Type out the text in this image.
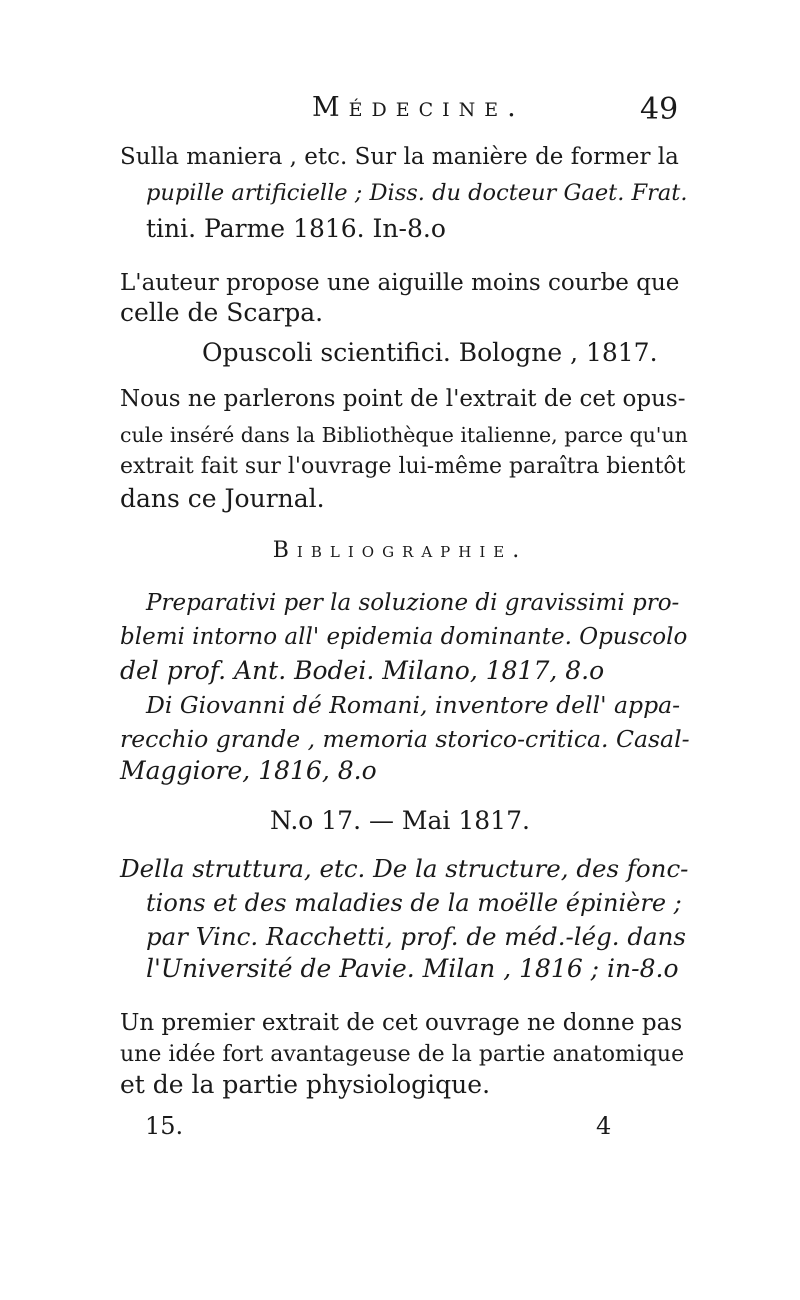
Médecine.	49
Sulla maniera , etc. Sur la manière de former la
pupille artificielle ; Diss. du docteur Gaet. Frat.
tini. Parme 1816. In-8.o
L'auteur propose une aiguille moins courbe que
celle de Scarpa.
Opuscoli scientifici. Bologne , 1817.
Nous ne parlerons point de l'extrait de cet opus-
cule inséré dans la Bibliothèque italienne, parce qu'un
extrait fait sur l'ouvrage lui-même paraîtra bientôt
dans ce Journal.
Bibliographie.
Preparativi per la soluzione di gravissimi pro-
blemi intorno all' epidemia dominante. Opuscolo
del prof. Ant. Bodei. Milano, 1817, 8.o
Di Giovanni dé Romani, inventore dell' appa-
recchio grande , memoria storico-critica. Casal-
Maggiore, 1816, 8.o
N.o 17. — Mai 1817.
Della struttura, etc. De la structure, des fonc-
tions et des maladies de la moëlle épinière ;
par Vinc. Racchetti, prof. de méd.-lég. dans
l'Université de Pavie. Milan , 1816 ; in-8.o
Un premier extrait de cet ouvrage ne donne pas
une idée fort avantageuse de la partie anatomique
et de la partie physiologique.
15.	4
